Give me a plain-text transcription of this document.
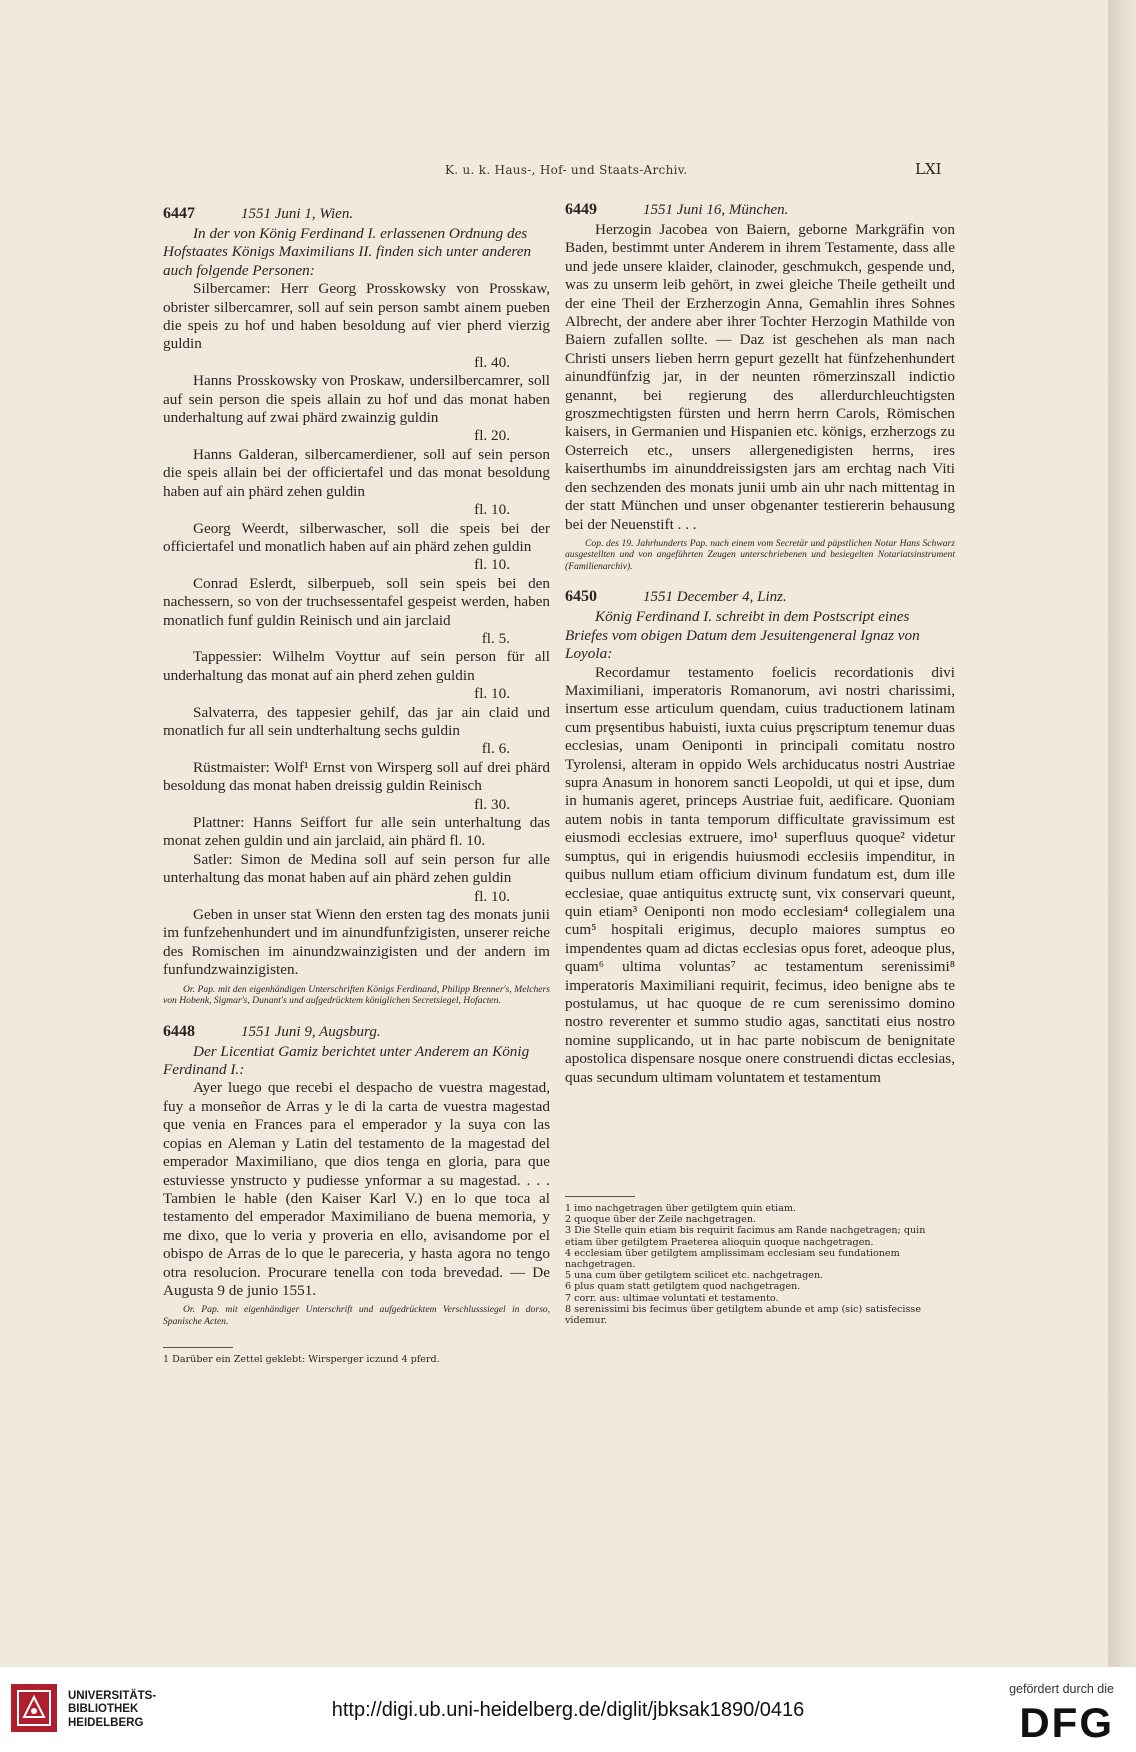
K. u. k. Haus-, Hof- und Staats-Archiv.	LXI
6447	1551 Juni 1, Wien.

In der von König Ferdinand I. erlassenen Ordnung des Hofstaates Königs Maximilians II. finden sich unter anderen auch folgende Personen:

Silbercamer: Herr Georg Prosskowsky von Prosskaw, obrister silbercamrer, soll auf sein person sambt ainem pueben die speis zu hof und haben besoldung auf vier pherd vierzig guldin

fl. 40.

Hanns Prosskowsky von Proskaw, undersilbercamrer, soll auf sein person die speis allain zu hof und das monat haben underhaltung auf zwai phärd zwainzig guldin

fl. 20.

Hanns Galderan, silbercamerdiener, soll auf sein person die speis allain bei der officiertafel und das monat besoldung haben auf ain phärd zehen guldin

fl. 10.

Georg Weerdt, silberwascher, soll die speis bei der officiertafel und monatlich haben auf ain phärd zehen guldin

fl. 10.

Conrad Eslerdt, silberpueb, soll sein speis bei den nachessern, so von der truchsessentafel gespeist werden, haben monatlich funf guldin Reinisch und ain jarclaid

fl. 5.

Tappessier: Wilhelm Voyttur auf sein person für all underhaltung das monat auf ain pherd zehen guldin

fl. 10.

Salvaterra, des tappesier gehilf, das jar ain claid und monatlich fur all sein undterhaltung sechs guldin

fl. 6.

Rüstmaister: Wolf¹ Ernst von Wirsperg soll auf drei phärd besoldung das monat haben dreissig guldin Reinisch

fl. 30.

Plattner: Hanns Seiffort fur alle sein unterhaltung das monat zehen guldin und ain jarclaid, ain phärd fl. 10.

Satler: Simon de Medina soll auf sein person fur alle unterhaltung das monat haben auf ain phärd zehen guldin

fl. 10.

Geben in unser stat Wienn den ersten tag des monats junii im funfzehenhundert und im ainundfunfzigisten, unserer reiche des Romischen im ainundzwainzigisten und der andern im funfundzwainzigisten.

Or. Pap. mit den eigenhändigen Unterschriften Königs Ferdinand, Philipp Brenner's, Melchers von Hobenk, Sigmar's, Dunant's und aufgedrücktem königlichen Secretsiegel, Hofacten.

6448	1551 Juni 9, Augsburg.

Der Licentiat Gamiz berichtet unter Anderem an König Ferdinand I.:

Ayer luego que recebi el despacho de vuestra magestad, fuy a monseñor de Arras y le di la carta de vuestra magestad que venia en Frances para el emperador y la suya con las copias en Aleman y Latin del testamento de la magestad del emperador Maximiliano, que dios tenga en gloria, para que estuviesse ynstructo y pudiesse ynformar a su magestad. . . . Tambien le hable (den Kaiser Karl V.) en lo que toca al testamento del emperador Maximiliano de buena memoria, y me dixo, que lo veria y proveria en ello, avisandome por el obispo de Arras de lo que le pareceria, y hasta agora no tengo otra resolucion. Procurare tenella con toda brevedad. — De Augusta 9 de junio 1551.

Or. Pap. mit eigenhändiger Unterschrift und aufgedrücktem Verschlusssiegel in dorso, Spanische Acten.

1 Darüber ein Zettel geklebt: Wirsperger iczund 4 pferd.
6449	1551 Juni 16, München.

Herzogin Jacobea von Baiern, geborne Markgräfin von Baden, bestimmt unter Anderem in ihrem Testamente, dass alle und jede unsere klaider, clainoder, geschmukch, gespende und, was zu unserm leib gehört, in zwei gleiche Theile getheilt und der eine Theil der Erzherzogin Anna, Gemahlin ihres Sohnes Albrecht, der andere aber ihrer Tochter Herzogin Mathilde von Baiern zufallen sollte. — Daz ist geschehen als man nach Christi unsers lieben herrn gepurt gezellt hat fünfzehenhundert ainundfünfzig jar, in der neunten römerzinszall indictio genannt, bei regierung des allerdurchleuchtigsten groszmechtigsten fürsten und herrn herrn Carols, Römischen kaisers, in Germanien und Hispanien etc. königs, erzherzogs zu Osterreich etc., unsers allergenedigisten herrns, ires kaiserthumbs im ainunddreissigsten jars am erchtag nach Viti den sechzenden des monats junii umb ain uhr nach mittentag in der statt München und unser obgenanter testiererin behausung bei der Neuenstift . . .

Cop. des 19. Jahrhunderts Pap. nach einem vom Secretär und päpstlichen Notar Hans Schwarz ausgestellten und von angeführten Zeugen unterschriebenen und besiegelten Notariatsinstrument (Familienarchiv).

6450	1551 December 4, Linz.

König Ferdinand I. schreibt in dem Postscript eines Briefes vom obigen Datum dem Jesuitengeneral Ignaz von Loyola:

Recordamur testamento foelicis recordationis divi Maximiliani, imperatoris Romanorum, avi nostri charissimi, insertum esse articulum quendam, cuius traductionem latinam cum prȩsentibus habuisti, iuxta cuius prȩscriptum tenemur duas ecclesias, unam Oeniponti in principali comitatu nostro Tyrolensi, alteram in oppido Wels archiducatus nostri Austriae supra Anasum in honorem sancti Leopoldi, ut qui et ipse, dum in humanis ageret, princeps Austriae fuit, aedificare. Quoniam autem nobis in tanta temporum difficultate gravissimum est eiusmodi ecclesias extruere, imo¹ superfluus quoque² videtur sumptus, qui in erigendis huiusmodi ecclesiis impenditur, in quibus nullum etiam officium divinum fundatum est, dum ille ecclesiae, quae antiquitus extructȩ sunt, vix conservari queunt, quin etiam³ Oeniponti non modo ecclesiam⁴ collegialem una cum⁵ hospitali erigimus, decuplo maiores sumptus eo impendentes quam ad dictas ecclesias opus foret, adeoque plus, quam⁶ ultima voluntas⁷ ac testamentum serenissimi⁸ imperatoris Maximiliani requirit, fecimus, ideo benigne abs te postulamus, ut hac quoque de re cum serenissimo domino nostro reverenter et summo studio agas, sanctitati eius nostro nomine supplicando, ut in hac parte nobiscum de benignitate apostolica dispensare nosque onere construendi dictas ecclesias, quas secundum ultimam voluntatem et testamentum

1 imo nachgetragen über getilgtem quin etiam.
2 quoque über der Zeile nachgetragen.
3 Die Stelle quin etiam bis requirit facimus am Rande nachgetragen; quin etiam über getilgtem Praeterea alioquin quoque nachgetragen.
4 ecclesiam über getilgtem amplissimam ecclesiam seu fundationem nachgetragen.
5 una cum über getilgtem scilicet etc. nachgetragen.
6 plus quam statt getilgtem quod nachgetragen.
7 corr. aus: ultimae voluntati et testamento.
8 serenissimi bis fecimus über getilgtem abunde et amp (sic) satisfecisse videmur.
UNIVERSITÄTS-
BIBLIOTHEK
HEIDELBERG
http://digi.ub.uni-heidelberg.de/diglit/jbksak1890/0416
gefördert durch die
DFG
